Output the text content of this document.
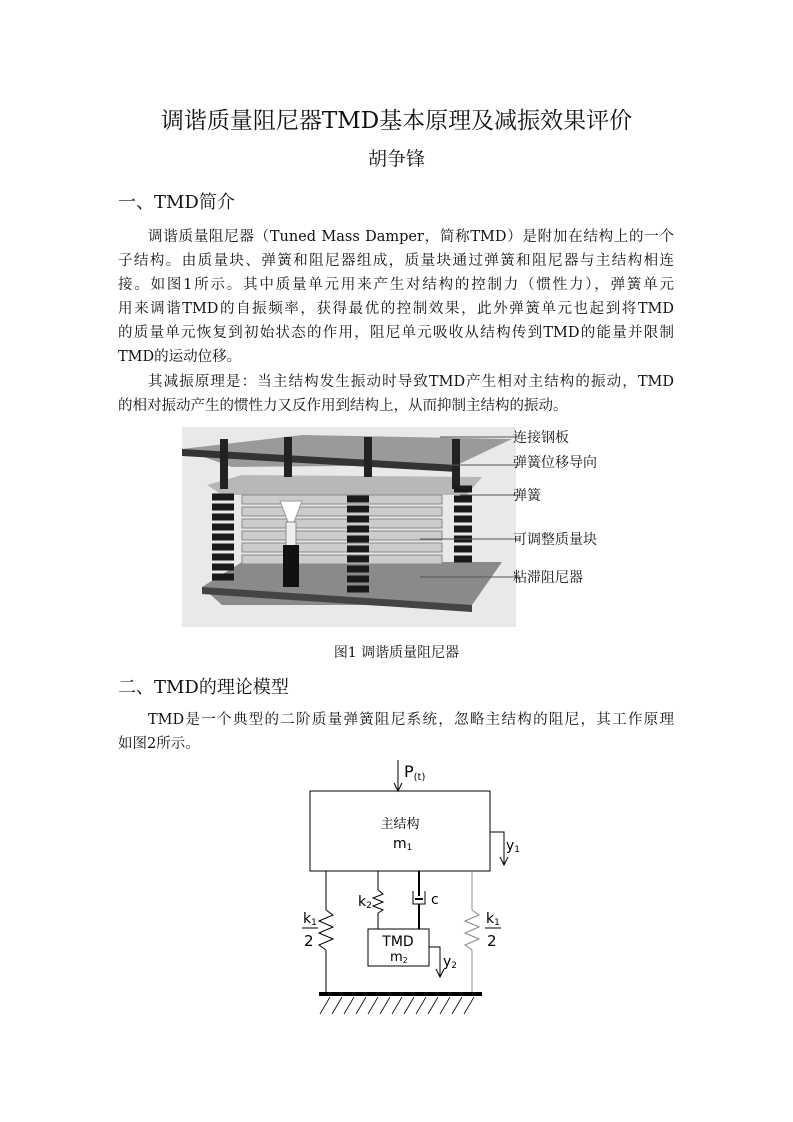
调谐质量阻尼器TMD基本原理及减振效果评价
胡争锋
一、TMD简介
调谐质量阻尼器（Tuned Mass Damper，简称TMD）是附加在结构上的一个
子结构。由质量块、弹簧和阻尼器组成，质量块通过弹簧和阻尼器与主结构相连
接。如图1所示。其中质量单元用来产生对结构的控制力（惯性力），弹簧单元
用来调谐TMD的自振频率，获得最优的控制效果，此外弹簧单元也起到将TMD
的质量单元恢复到初始状态的作用，阻尼单元吸收从结构传到TMD的能量并限制
TMD的运动位移。
其减振原理是：当主结构发生振动时导致TMD产生相对主结构的振动，TMD
的相对振动产生的惯性力又反作用到结构上，从而抑制主结构的振动。
连接钢板
弹簧位移导向
弹簧
可调整质量块
粘滞阻尼器
图1 调谐质量阻尼器
二、TMD的理论模型
TMD是一个典型的二阶质量弹簧阻尼系统，忽略主结构的阻尼，其工作原理
如图2所示。
P(t)
主结构
m1	y1
k2	c
TMD
m2	y2
k1
2
k1
2
